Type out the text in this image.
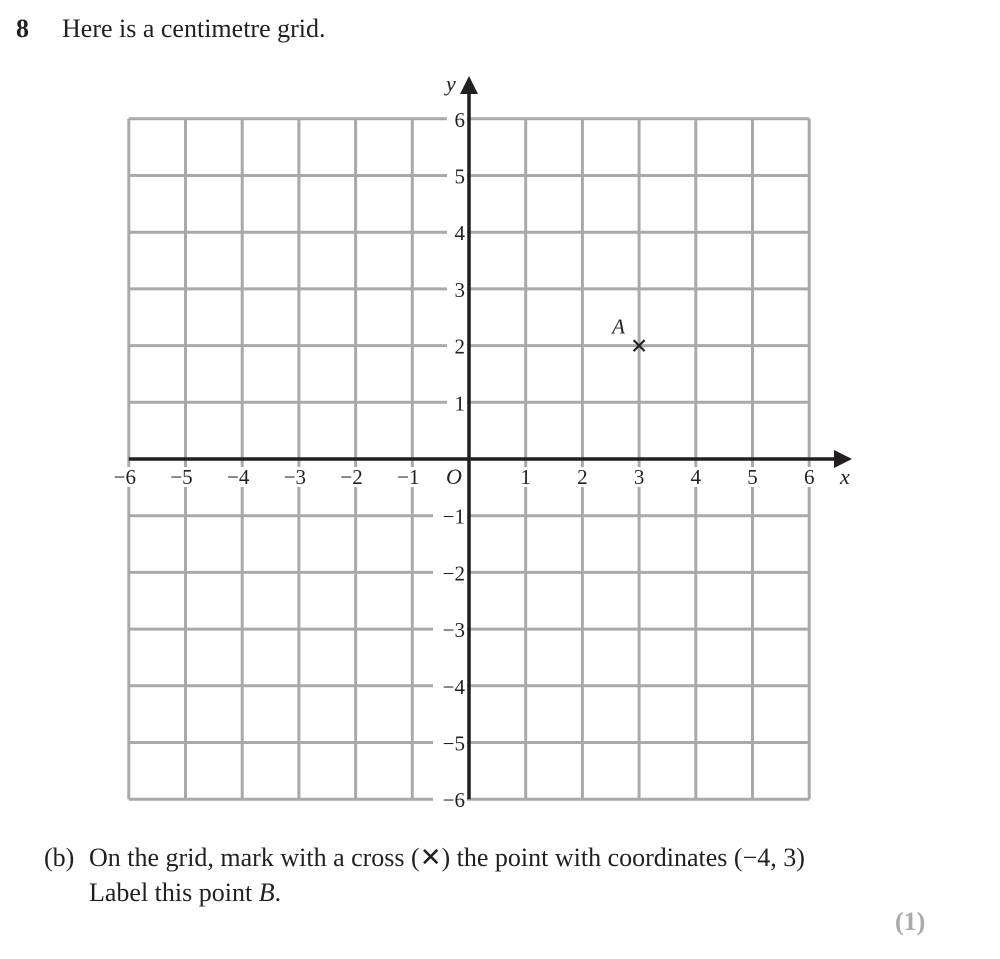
8 Here is a centimetre grid.
−6 −5 −4 −3 −2 −1	1 2 3 4 5 6
6
5
4
3
2
1
−1
−2
−3
−4
−5
−6
x
y
O
A
(b) On the grid, mark with a cross (✕) the point with coordinates (−4, 3)
Label this point B.
(1)
